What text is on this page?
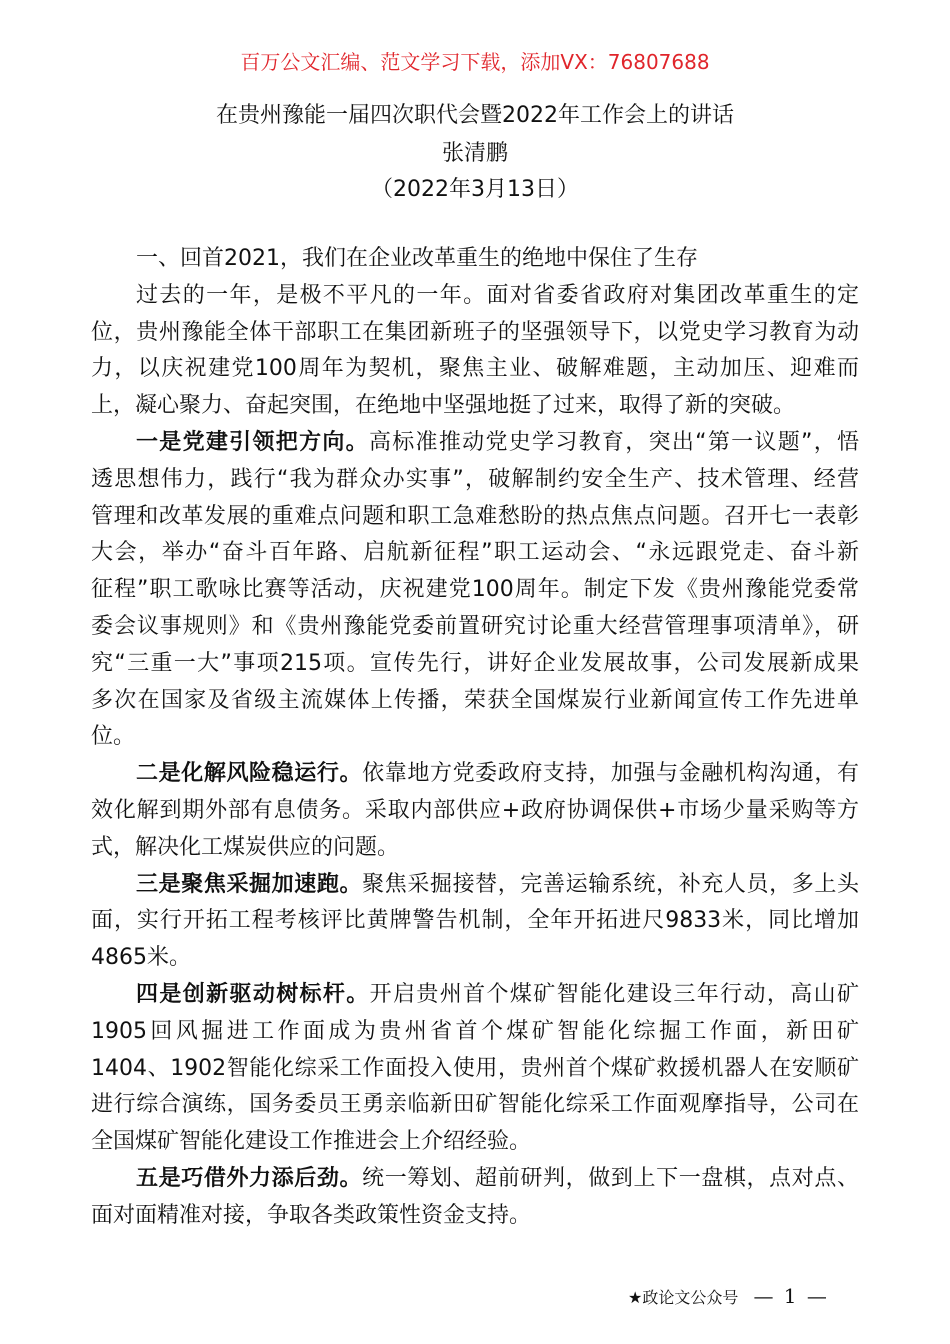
百万公文汇编、范文学习下载，添加VX：76807688
在贵州豫能一届四次职代会暨2022年工作会上的讲话
张清鹏
（2022年3月13日）
一、回首2021，我们在企业改革重生的绝地中保住了生存
过去的一年，是极不平凡的一年。面对省委省政府对集团改革重生的定
位，贵州豫能全体干部职工在集团新班子的坚强领导下，以党史学习教育为动
力，以庆祝建党100周年为契机，聚焦主业、破解难题，主动加压、迎难而
上，凝心聚力、奋起突围，在绝地中坚强地挺了过来，取得了新的突破。
一是党建引领把方向。高标准推动党史学习教育，突出“第一议题”，悟
透思想伟力，践行“我为群众办实事”，破解制约安全生产、技术管理、经营
管理和改革发展的重难点问题和职工急难愁盼的热点焦点问题。召开七一表彰
大会，举办“奋斗百年路、启航新征程”职工运动会、“永远跟党走、奋斗新
征程”职工歌咏比赛等活动，庆祝建党100周年。制定下发《贵州豫能党委常
委会议事规则》和《贵州豫能党委前置研究讨论重大经营管理事项清单》，研
究“三重一大”事项215项。宣传先行，讲好企业发展故事，公司发展新成果
多次在国家及省级主流媒体上传播，荣获全国煤炭行业新闻宣传工作先进单
位。
二是化解风险稳运行。依靠地方党委政府支持，加强与金融机构沟通，有
效化解到期外部有息债务。采取内部供应+政府协调保供+市场少量采购等方
式，解决化工煤炭供应的问题。
三是聚焦采掘加速跑。聚焦采掘接替，完善运输系统，补充人员，多上头
面，实行开拓工程考核评比黄牌警告机制，全年开拓进尺9833米，同比增加
4865米。
四是创新驱动树标杆。开启贵州首个煤矿智能化建设三年行动，高山矿
1905回风掘进工作面成为贵州省首个煤矿智能化综掘工作面，新田矿
1404、1902智能化综采工作面投入使用，贵州首个煤矿救援机器人在安顺矿
进行综合演练，国务委员王勇亲临新田矿智能化综采工作面观摩指导，公司在
全国煤矿智能化建设工作推进会上介绍经验。
五是巧借外力添后劲。统一筹划、超前研判，做到上下一盘棋，点对点、
面对面精准对接，争取各类政策性资金支持。
★政论文公众号 — 1 —
